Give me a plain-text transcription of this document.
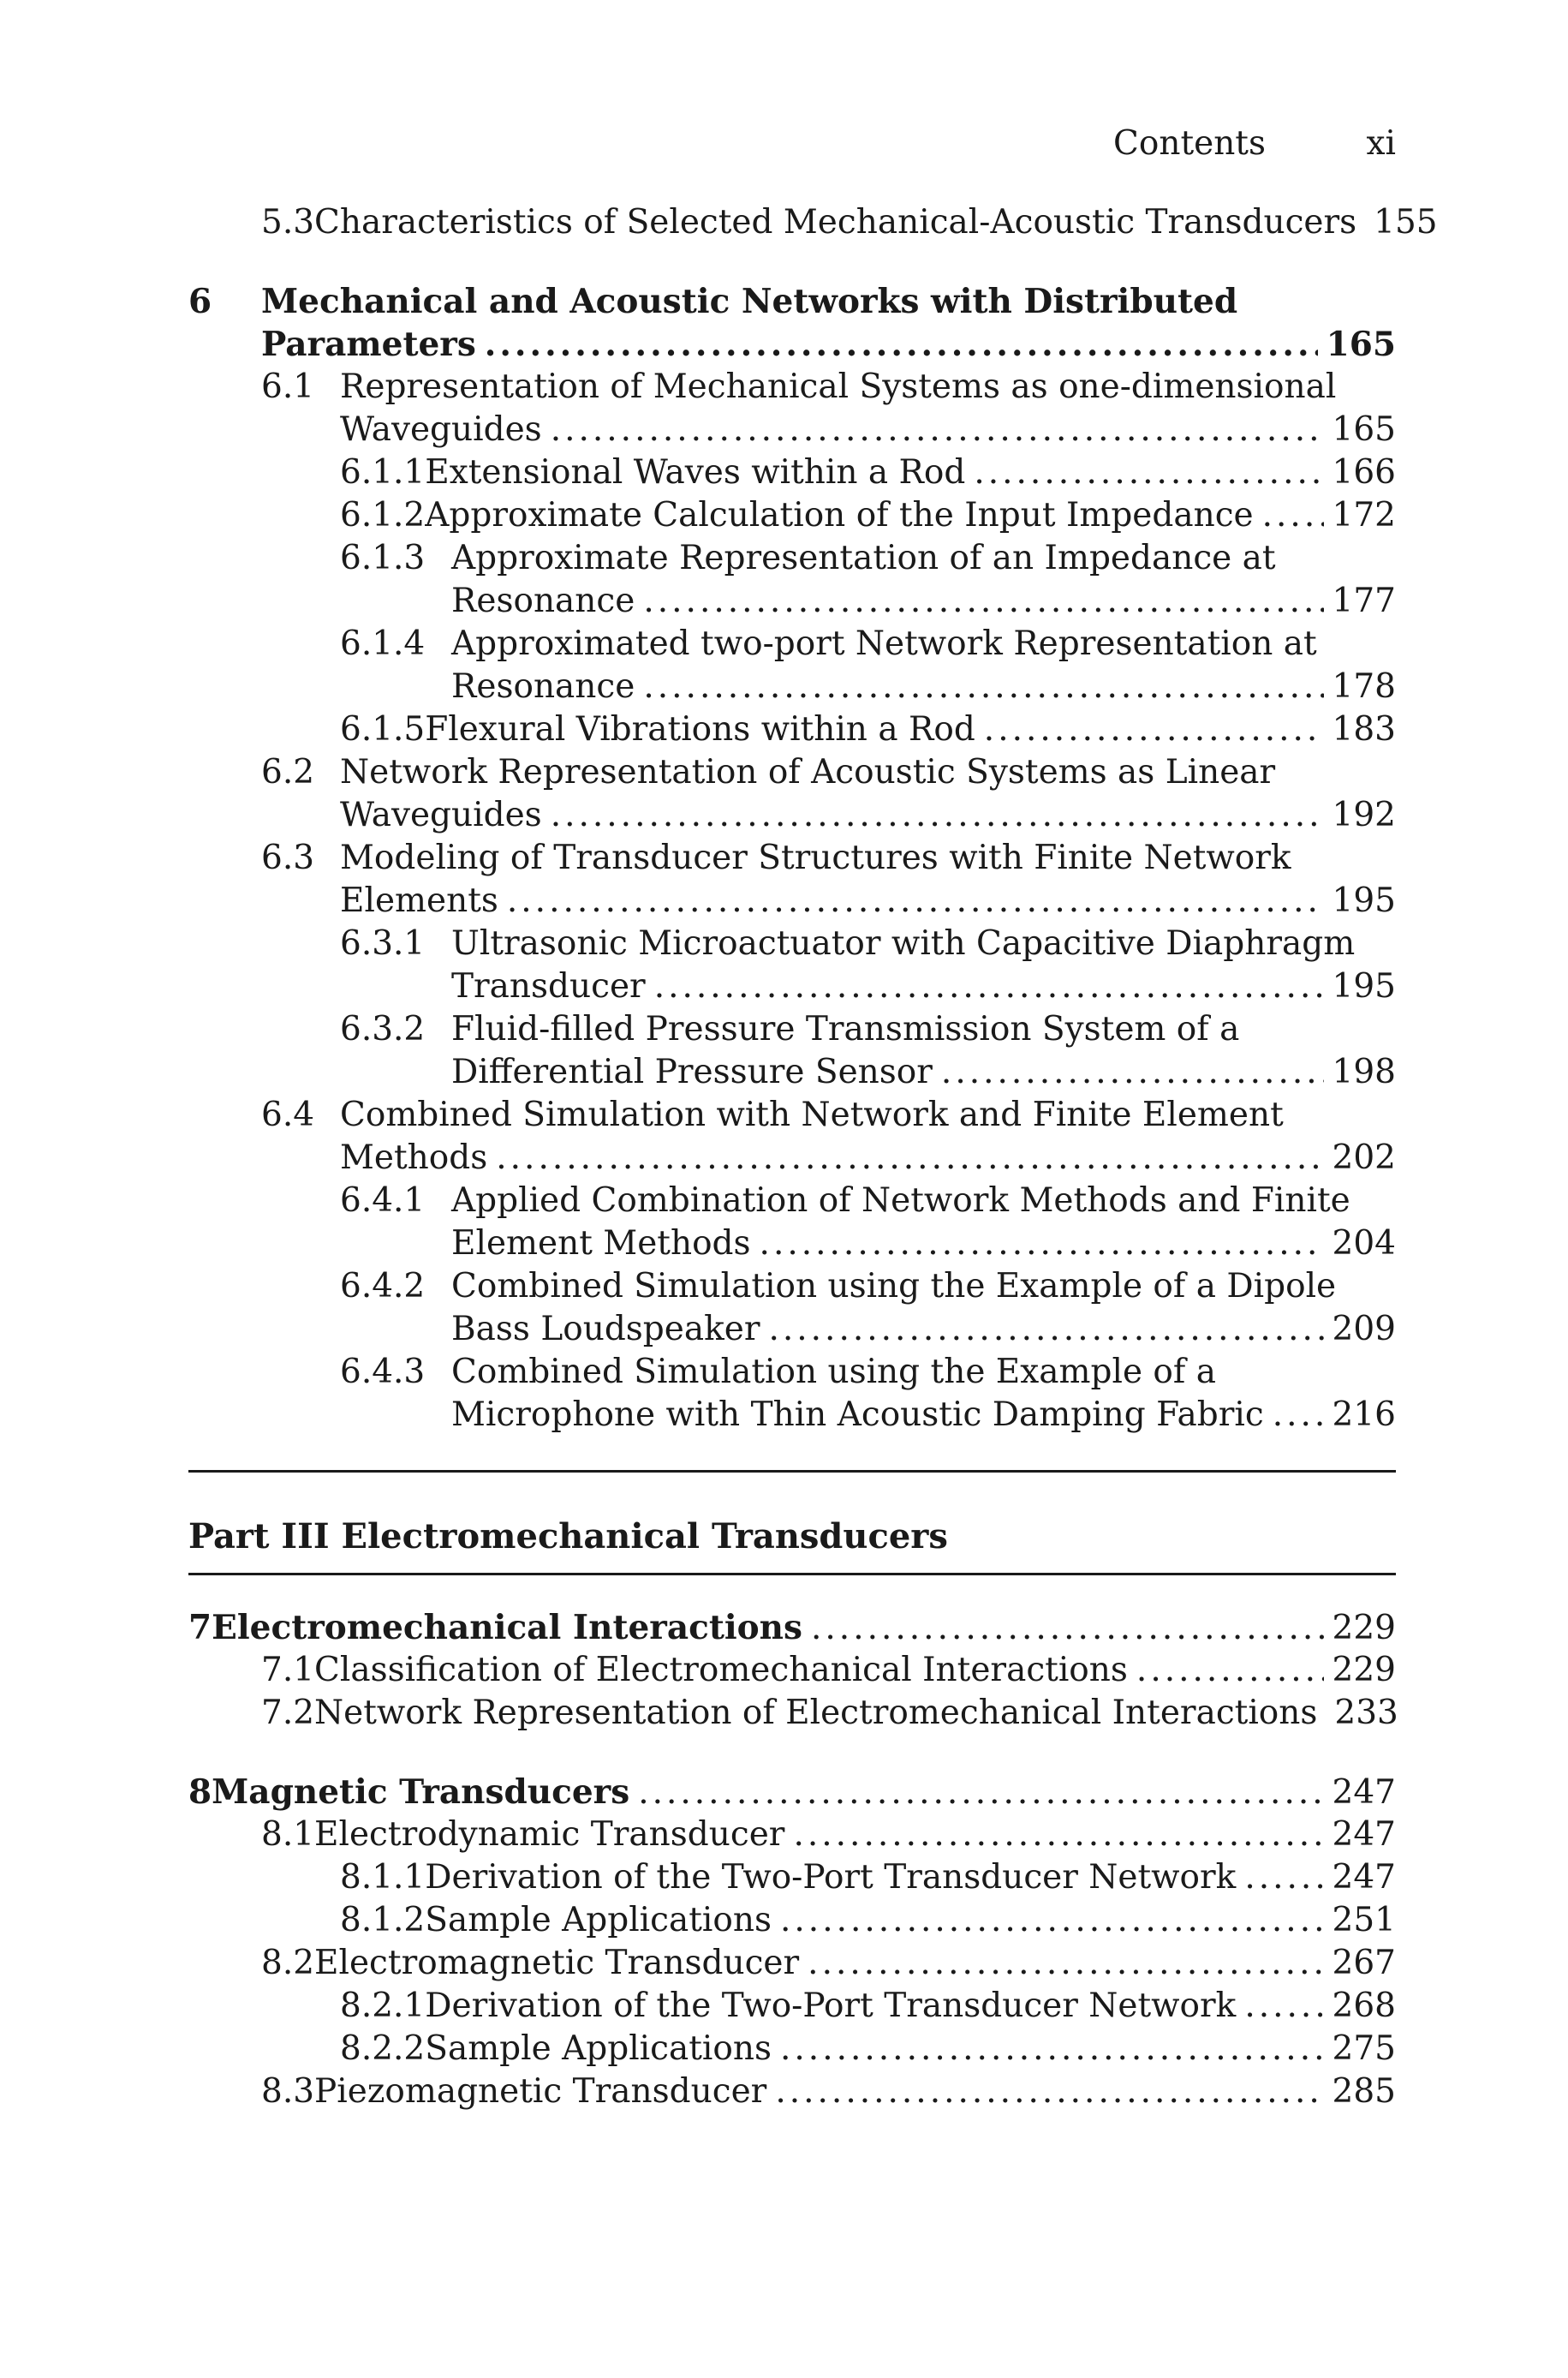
Contents	xi
5.3 Characteristics of Selected Mechanical-Acoustic Transducers 155
6	Mechanical and Acoustic Networks with Distributed
Parameters .....	165
6.1 Representation of Mechanical Systems as one-dimensional
Waveguides .....	165
6.1.1 Extensional Waves within a Rod .....	166
6.1.2 Approximate Calculation of the Input Impedance ..... 172
6.1.3 Approximate Representation of an Impedance at
Resonance .....	177
6.1.4 Approximated two-port Network Representation at
Resonance .....	178
6.1.5 Flexural Vibrations within a Rod .....	183
6.2 Network Representation of Acoustic Systems as Linear
Waveguides .....	192
6.3 Modeling of Transducer Structures with Finite Network
Elements .....	195
6.3.1 Ultrasonic Microactuator with Capacitive Diaphragm
Transducer .....	195
6.3.2 Fluid-filled Pressure Transmission System of a
Differential Pressure Sensor .....	198
6.4 Combined Simulation with Network and Finite Element
Methods .....	202
6.4.1 Applied Combination of Network Methods and Finite
Element Methods .....	204
6.4.2 Combined Simulation using the Example of a Dipole
Bass Loudspeaker .....	209
6.4.3 Combined Simulation using the Example of a
Microphone with Thin Acoustic Damping Fabric ..... 216
Part III Electromechanical Transducers
7 Electromechanical Interactions .....	229
7.1 Classification of Electromechanical Interactions .....	229
7.2 Network Representation of Electromechanical Interactions 233
8 Magnetic Transducers .....	247
8.1 Electrodynamic Transducer .....	247
8.1.1 Derivation of the Two-Port Transducer Network .....	247
8.1.2 Sample Applications .....	251
8.2 Electromagnetic Transducer .....	267
8.2.1 Derivation of the Two-Port Transducer Network .....	268
8.2.2 Sample Applications .....	275
8.3 Piezomagnetic Transducer .....	285
